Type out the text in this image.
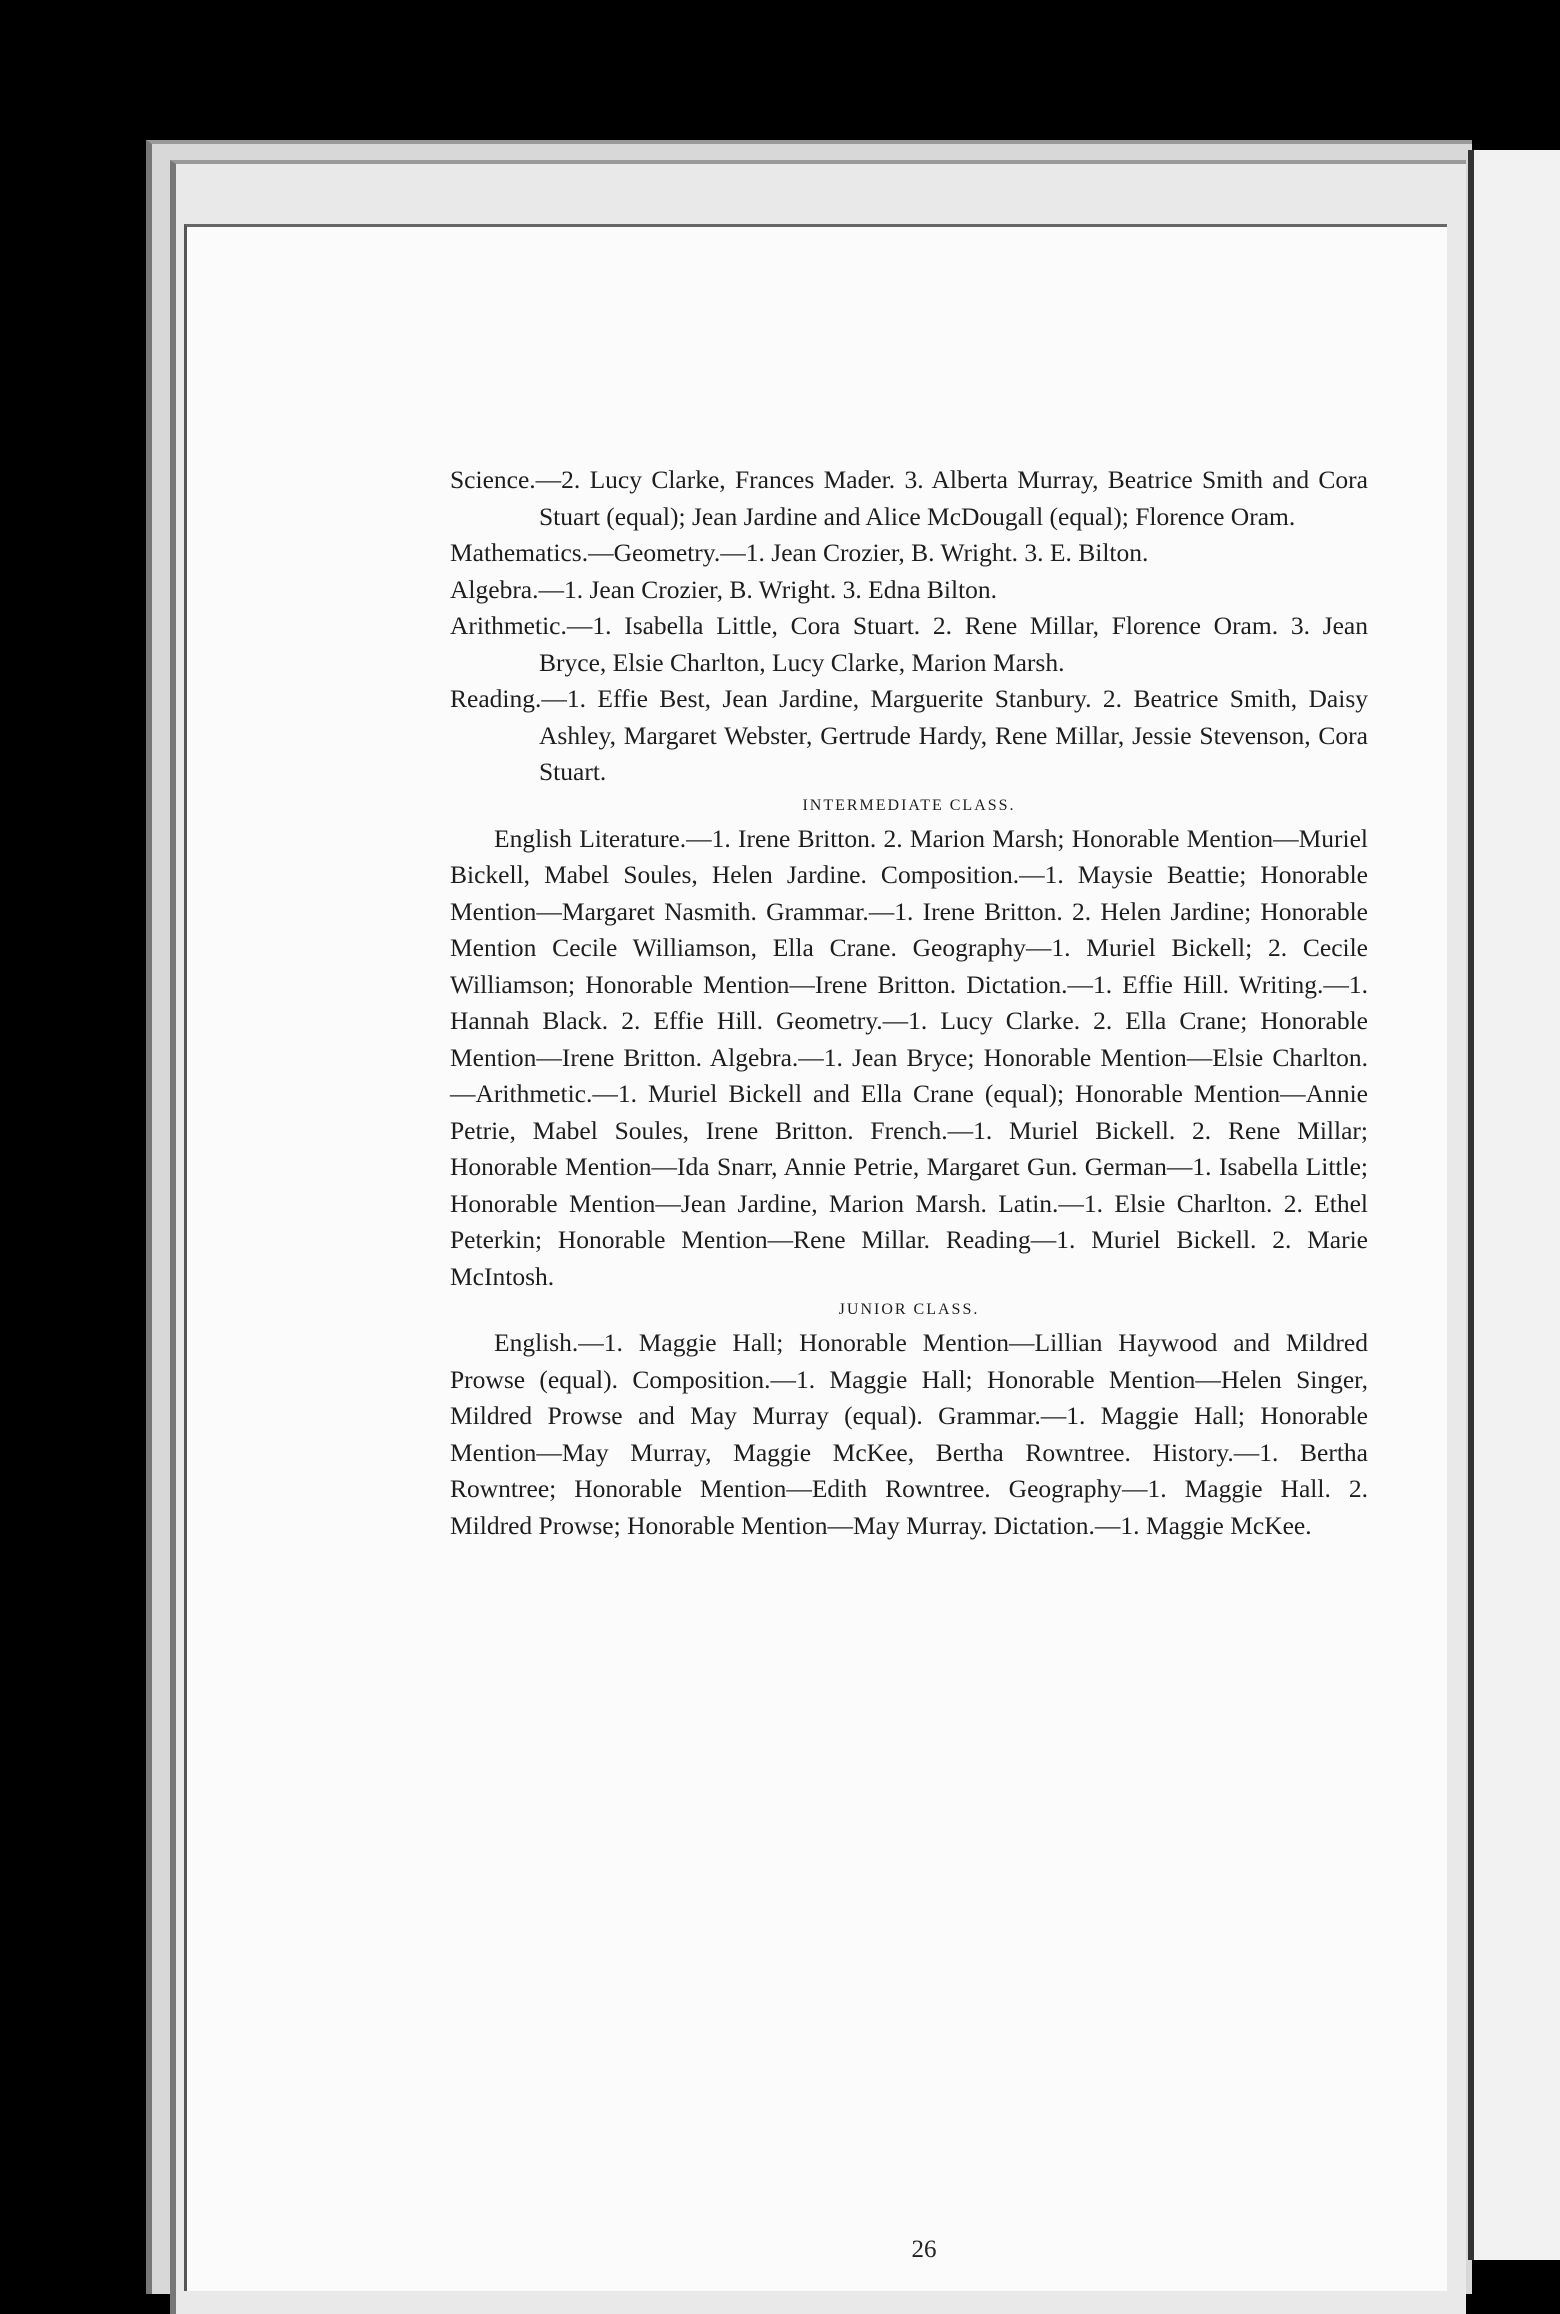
Science.—2. Lucy Clarke, Frances Mader. 3. Alberta Murray, Beatrice Smith and Cora Stuart (equal); Jean Jardine and Alice McDougall (equal); Florence Oram.

Mathematics.—Geometry.—1. Jean Crozier, B. Wright. 3. E. Bilton.

Algebra.—1. Jean Crozier, B. Wright. 3. Edna Bilton.

Arithmetic.—1. Isabella Little, Cora Stuart. 2. Rene Millar, Florence Oram. 3. Jean Bryce, Elsie Charlton, Lucy Clarke, Marion Marsh.

Reading.—1. Effie Best, Jean Jardine, Marguerite Stanbury. 2. Beatrice Smith, Daisy Ashley, Margaret Webster, Gertrude Hardy, Rene Millar, Jessie Stevenson, Cora Stuart.

INTERMEDIATE CLASS.

English Literature.—1. Irene Britton. 2. Marion Marsh; Honorable Mention—Muriel Bickell, Mabel Soules, Helen Jardine. Composition.—1. Maysie Beattie; Honorable Mention—Margaret Nasmith. Grammar.—1. Irene Britton. 2. Helen Jardine; Honorable Mention Cecile Williamson, Ella Crane. Geography—1. Muriel Bickell; 2. Cecile Williamson; Honorable Mention—Irene Britton. Dictation.—1. Effie Hill. Writing.—1. Hannah Black. 2. Effie Hill. Geometry.—1. Lucy Clarke. 2. Ella Crane; Honorable Mention—Irene Britton. Algebra.—1. Jean Bryce; Honorable Mention—Elsie Charlton.—Arithmetic.—1. Muriel Bickell and Ella Crane (equal); Honorable Mention—Annie Petrie, Mabel Soules, Irene Britton. French.—1. Muriel Bickell. 2. Rene Millar; Honorable Mention—Ida Snarr, Annie Petrie, Margaret Gun. German—1. Isabella Little; Honorable Mention—Jean Jardine, Marion Marsh. Latin.—1. Elsie Charlton. 2. Ethel Peterkin; Honorable Mention—Rene Millar. Reading—1. Muriel Bickell. 2. Marie McIntosh.

JUNIOR CLASS.

English.—1. Maggie Hall; Honorable Mention—Lillian Haywood and Mildred Prowse (equal). Composition.—1. Maggie Hall; Honorable Mention—Helen Singer, Mildred Prowse and May Murray (equal). Grammar.—1. Maggie Hall; Honorable Mention—May Murray, Maggie McKee, Bertha Rowntree. History.—1. Bertha Rowntree; Honorable Mention—Edith Rowntree. Geography—1. Maggie Hall. 2. Mildred Prowse; Honorable Mention—May Murray. Dictation.—1. Maggie McKee.

26
